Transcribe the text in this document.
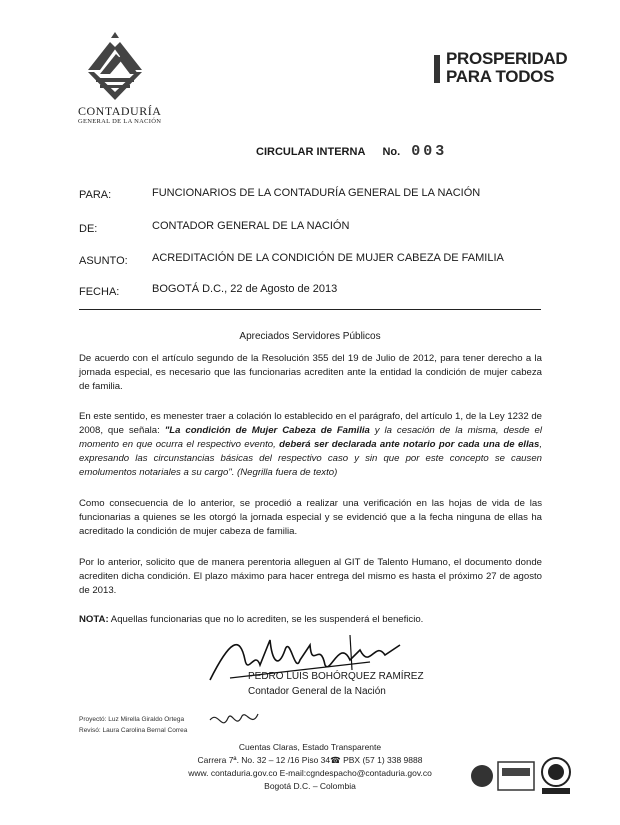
CONTADURÍA
GENERAL DE LA NACIÓN
PROSPERIDAD
PARA TODOS
CIRCULAR INTERNA No. 003
PARA:	FUNCIONARIOS DE LA CONTADURÍA GENERAL DE LA NACIÓN
DE:	CONTADOR GENERAL DE LA NACIÓN
ASUNTO: ACREDITACIÓN DE LA CONDICIÓN DE MUJER CABEZA DE FAMILIA
FECHA:	BOGOTÁ D.C., 22 de Agosto de 2013
Apreciados Servidores Públicos
De acuerdo con el artículo segundo de la Resolución 355 del 19 de Julio de 2012, para tener derecho a la jornada especial, es necesario que las funcionarias acrediten ante la entidad la condición de mujer cabeza de familia.
En este sentido, es menester traer a colación lo establecido en el parágrafo, del artículo 1, de la Ley 1232 de 2008, que señala: "La condición de Mujer Cabeza de Familia y la cesación de la misma, desde el momento en que ocurra el respectivo evento, deberá ser declarada ante notario por cada una de ellas, expresando las circunstancias básicas del respectivo caso y sin que por este concepto se causen emolumentos notariales a su cargo". (Negrilla fuera de texto)
Como consecuencia de lo anterior, se procedió a realizar una verificación en las hojas de vida de las funcionarias a quienes se les otorgó la jornada especial y se evidenció que a la fecha ninguna de ellas ha acreditado la condición de mujer cabeza de familia.
Por lo anterior, solicito que de manera perentoria alleguen al GIT de Talento Humano, el documento donde acrediten dicha condición. El plazo máximo para hacer entrega del mismo es hasta el próximo 27 de agosto de 2013.
NOTA: Aquellas funcionarias que no lo acrediten, se les suspenderá el beneficio.
PEDRO LUIS BOHÓRQUEZ RAMÍREZ
Contador General de la Nación
Proyectó: Luz Mirella Giraldo Ortega
Revisó: Laura Carolina Bernal Correa
Cuentas Claras, Estado Transparente
Carrera 7ª. No. 32 – 12 /16 Piso 34☎ PBX (57 1) 338 9888
www. contaduria.gov.co E-mail:cgndespacho@contaduria.gov.co
Bogotá D.C. – Colombia
